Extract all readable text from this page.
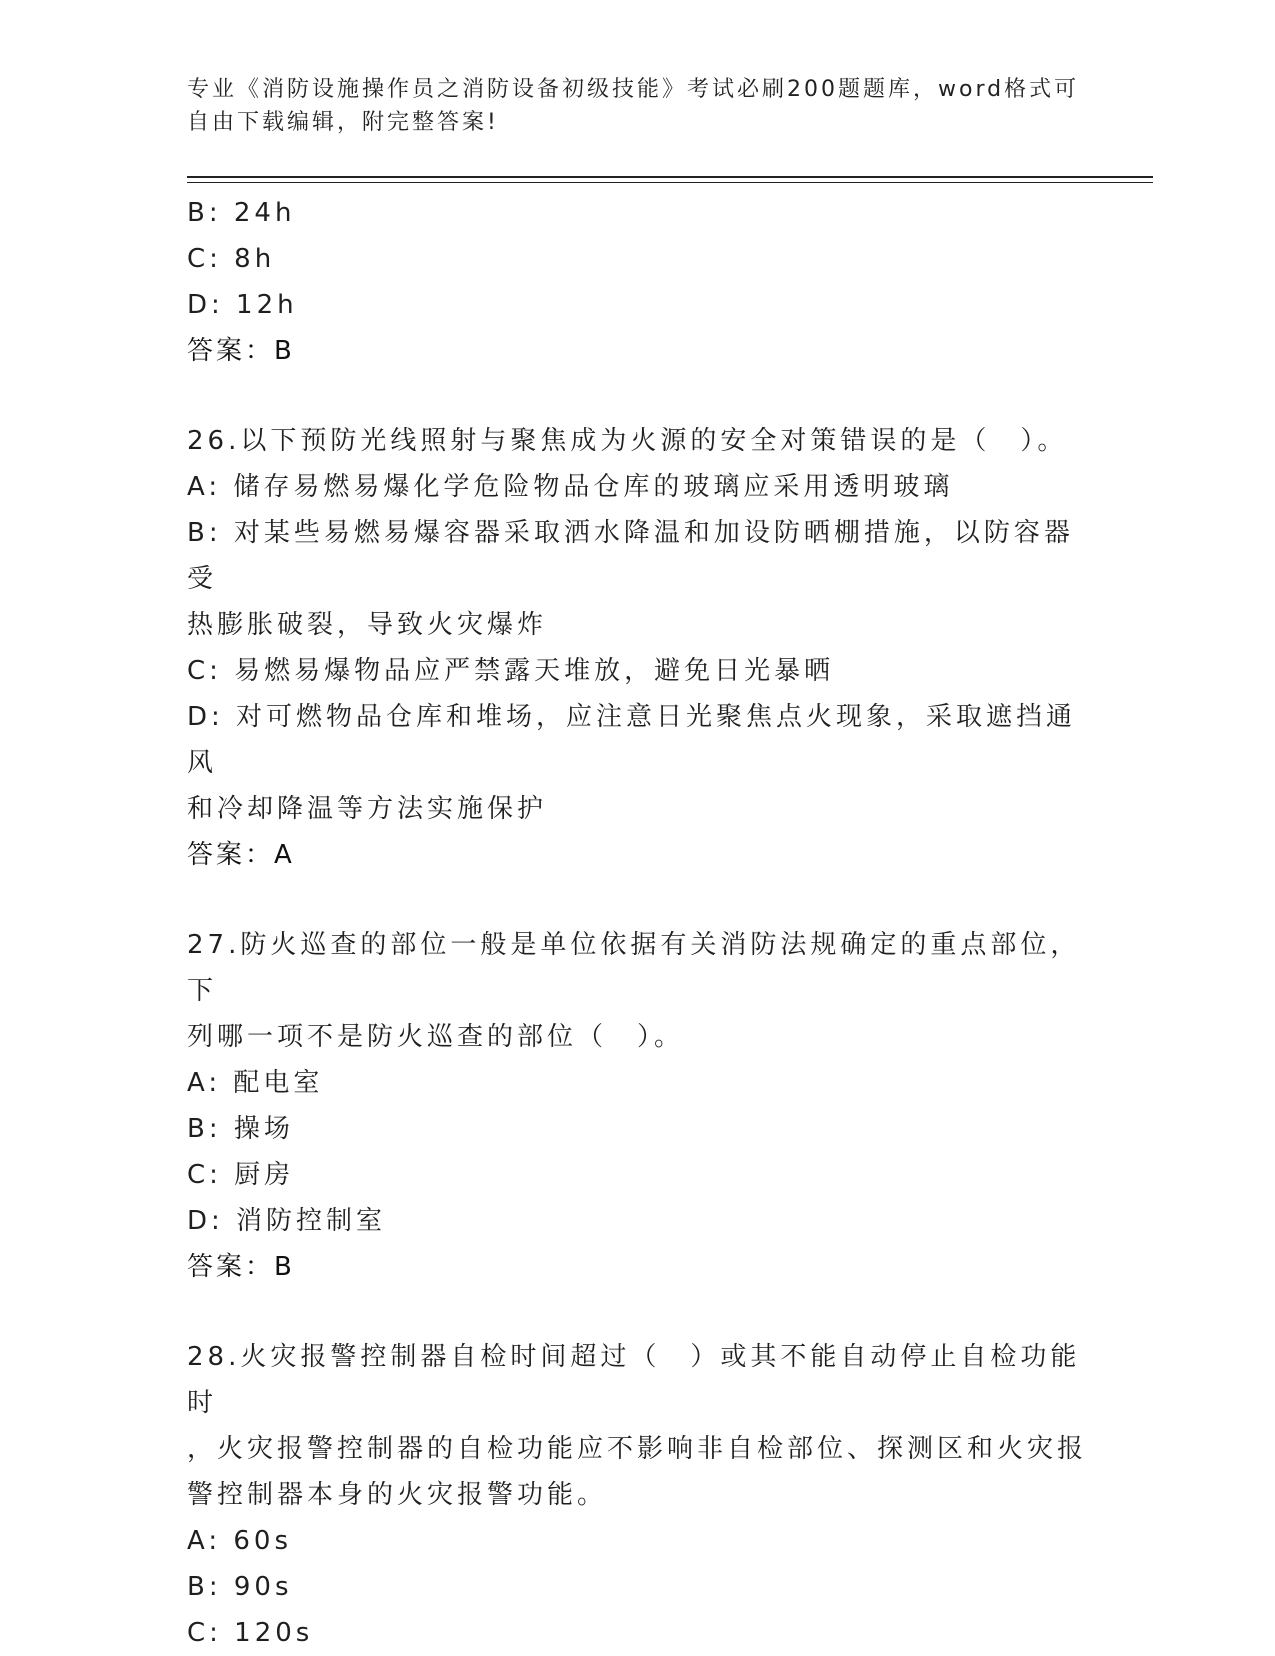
专业《消防设施操作员之消防设备初级技能》考试必刷200题题库，word格式可
自由下载编辑，附完整答案!

B: 24h

C: 8h

D: 12h

答案：B

26.以下预防光线照射与聚焦成为火源的安全对策错误的是（　）。

A: 储存易燃易爆化学危险物品仓库的玻璃应采用透明玻璃

B: 对某些易燃易爆容器采取洒水降温和加设防晒棚措施，以防容器受

热膨胀破裂，导致火灾爆炸

C: 易燃易爆物品应严禁露天堆放，避免日光暴晒

D: 对可燃物品仓库和堆场，应注意日光聚焦点火现象，采取遮挡通风

和冷却降温等方法实施保护

答案：A

27.防火巡查的部位一般是单位依据有关消防法规确定的重点部位，下

列哪一项不是防火巡查的部位（　）。

A: 配电室

B: 操场

C: 厨房

D: 消防控制室

答案：B

28.火灾报警控制器自检时间超过（　）或其不能自动停止自检功能时

，火灾报警控制器的自检功能应不影响非自检部位、探测区和火灾报

警控制器本身的火灾报警功能。

A: 60s

B: 90s

C: 120s
